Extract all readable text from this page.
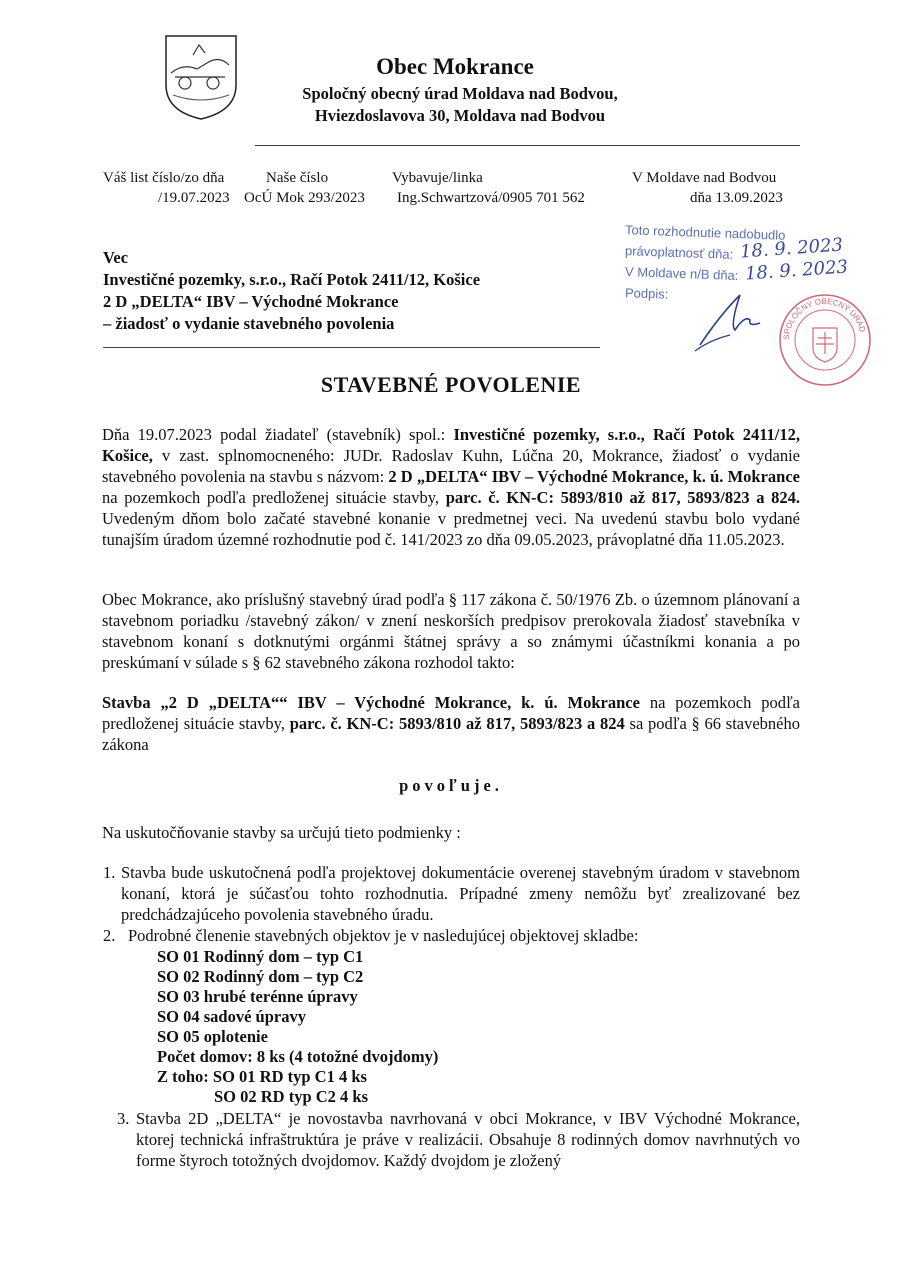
Obec Mokrance
Spoločný obecný úrad Moldava nad Bodvou,
Hviezdoslavova 30, Moldava nad Bodvou
Váš list číslo/zo dňa
/19.07.2023
Naše číslo
OcÚ Mok 293/2023
Vybavuje/linka
Ing.Schwartzová/0905 701 562
V Moldave nad Bodvou
dňa 13.09.2023
Toto rozhodnutie nadobudlo
právoplatnosť dňa:
V Moldave n/B dňa:
Podpis:
18. 9. 2023
18. 9. 2023
SPOLOČNÝ OBECNÝ ÚRAD
Vec
Investičné pozemky, s.r.o., Račí Potok 2411/12, Košice
2 D „DELTA“ IBV – Východné Mokrance
– žiadosť o vydanie stavebného povolenia
STAVEBNÉ POVOLENIE
Dňa 19.07.2023 podal žiadateľ (stavebník) spol.: Investičné pozemky, s.r.o., Račí Potok 2411/12, Košice, v zast. splnomocneného: JUDr. Radoslav Kuhn, Lúčna 20, Mokrance, žiadosť o vydanie stavebného povolenia na stavbu s názvom: 2 D „DELTA“ IBV – Východné Mokrance, k. ú. Mokrance na pozemkoch podľa predloženej situácie stavby, parc. č. KN-C: 5893/810 až 817, 5893/823 a 824. Uvedeným dňom bolo začaté stavebné konanie v predmetnej veci. Na uvedenú stavbu bolo vydané tunajším úradom územné rozhodnutie pod č. 141/2023 zo dňa 09.05.2023, právoplatné dňa 11.05.2023.
Obec Mokrance, ako príslušný stavebný úrad podľa § 117 zákona č. 50/1976 Zb. o územnom plánovaní a stavebnom poriadku /stavebný zákon/ v znení neskorších predpisov prerokovala žiadosť stavebníka v stavebnom konaní s dotknutými orgánmi štátnej správy a so známymi účastníkmi konania a po preskúmaní v súlade s § 62 stavebného zákona rozhodol takto:
Stavba „2 D „DELTA““ IBV – Východné Mokrance, k. ú. Mokrance na pozemkoch podľa predloženej situácie stavby, parc. č. KN-C: 5893/810 až 817, 5893/823 a 824 sa podľa § 66 stavebného zákona
povoľuje.
Na uskutočňovanie stavby sa určujú tieto podmienky :
1. Stavba bude uskutočnená podľa projektovej dokumentácie overenej stavebným úradom v stavebnom konaní, ktorá je súčasťou tohto rozhodnutia. Prípadné zmeny nemôžu byť zrealizované bez predchádzajúceho povolenia stavebného úradu.
2. Podrobné členenie stavebných objektov je v nasledujúcej objektovej skladbe:
SO 01 Rodinný dom – typ C1
SO 02 Rodinný dom – typ C2
SO 03 hrubé terénne úpravy
SO 04 sadové úpravy
SO 05 oplotenie
Počet domov: 8 ks (4 totožné dvojdomy)
Z toho: SO 01 RD typ C1 4 ks
SO 02 RD typ C2 4 ks
3. Stavba 2D „DELTA“ je novostavba navrhovaná v obci Mokrance, v IBV Východné Mokrance, ktorej technická infraštruktúra je práve v realizácii. Obsahuje 8 rodinných domov navrhnutých vo forme štyroch totožných dvojdomov. Každý dvojdom je zložený
